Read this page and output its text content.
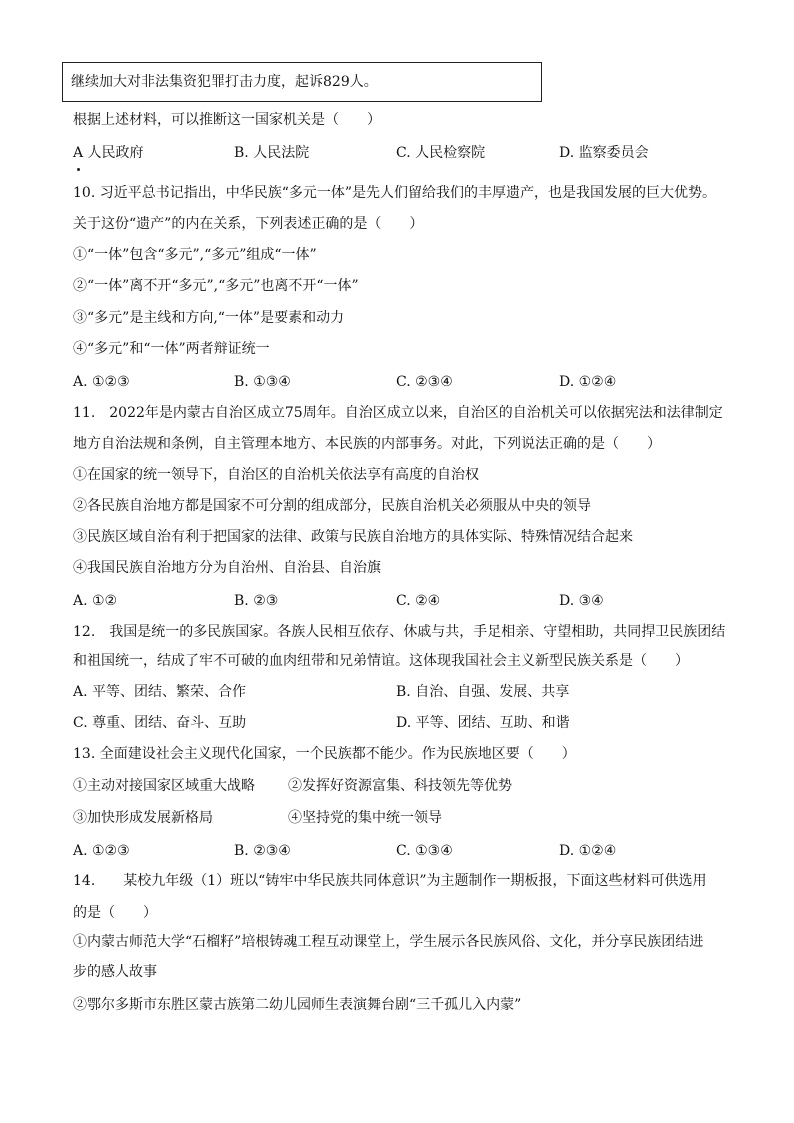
继续加大对非法集资犯罪打击力度，起诉829人。
根据上述材料，可以推断这一国家机关是（　　）
A 人民政府	B. 人民法院	C. 人民检察院	D. 监察委员会
10. 习近平总书记指出，中华民族“多元一体”是先人们留给我们的丰厚遗产，也是我国发展的巨大优势。
关于这份“遗产”的内在关系，下列表述正确的是（　　）
①“一体”包含“多元”,“多元”组成“一体”
②“一体”离不开“多元”,“多元”也离不开“一体”
③“多元”是主线和方向,“一体”是要素和动力
④“多元”和“一体”两者辩证统一
A. ①②③	B. ①③④	C. ②③④	D. ①②④
11.　2022年是内蒙古自治区成立75周年。自治区成立以来，自治区的自治机关可以依据宪法和法律制定
地方自治法规和条例，自主管理本地方、本民族的内部事务。对此，下列说法正确的是（　　）
①在国家的统一领导下，自治区的自治机关依法享有高度的自治权
②各民族自治地方都是国家不可分割的组成部分，民族自治机关必须服从中央的领导
③民族区域自治有利于把国家的法律、政策与民族自治地方的具体实际、特殊情况结合起来
④我国民族自治地方分为自治州、自治县、自治旗
A. ①②	B. ②③	C. ②④	D. ③④
12.　我国是统一的多民族国家。各族人民相互依存、休戚与共，手足相亲、守望相助，共同捍卫民族团结
和祖国统一，结成了牢不可破的血肉纽带和兄弟情谊。这体现我国社会主义新型民族关系是（　　）
A. 平等、团结、繁荣、合作	B. 自治、自强、发展、共享
C. 尊重、团结、奋斗、互助	D. 平等、团结、互助、和谐
13. 全面建设社会主义现代化国家，一个民族都不能少。作为民族地区要（　　）
①主动对接国家区域重大战略 ②发挥好资源富集、科技领先等优势
③加快形成发展新格局	④坚持党的集中统一领导
A. ①②③	B. ②③④	C. ①③④	D. ①②④
14.　　某校九年级（1）班以“铸牢中华民族共同体意识”为主题制作一期板报，下面这些材料可供选用
的是（　　）
①内蒙古师范大学“石榴籽”培根铸魂工程互动课堂上，学生展示各民族风俗、文化，并分享民族团结进
步的感人故事
②鄂尔多斯市东胜区蒙古族第二幼儿园师生表演舞台剧“三千孤儿入内蒙”
